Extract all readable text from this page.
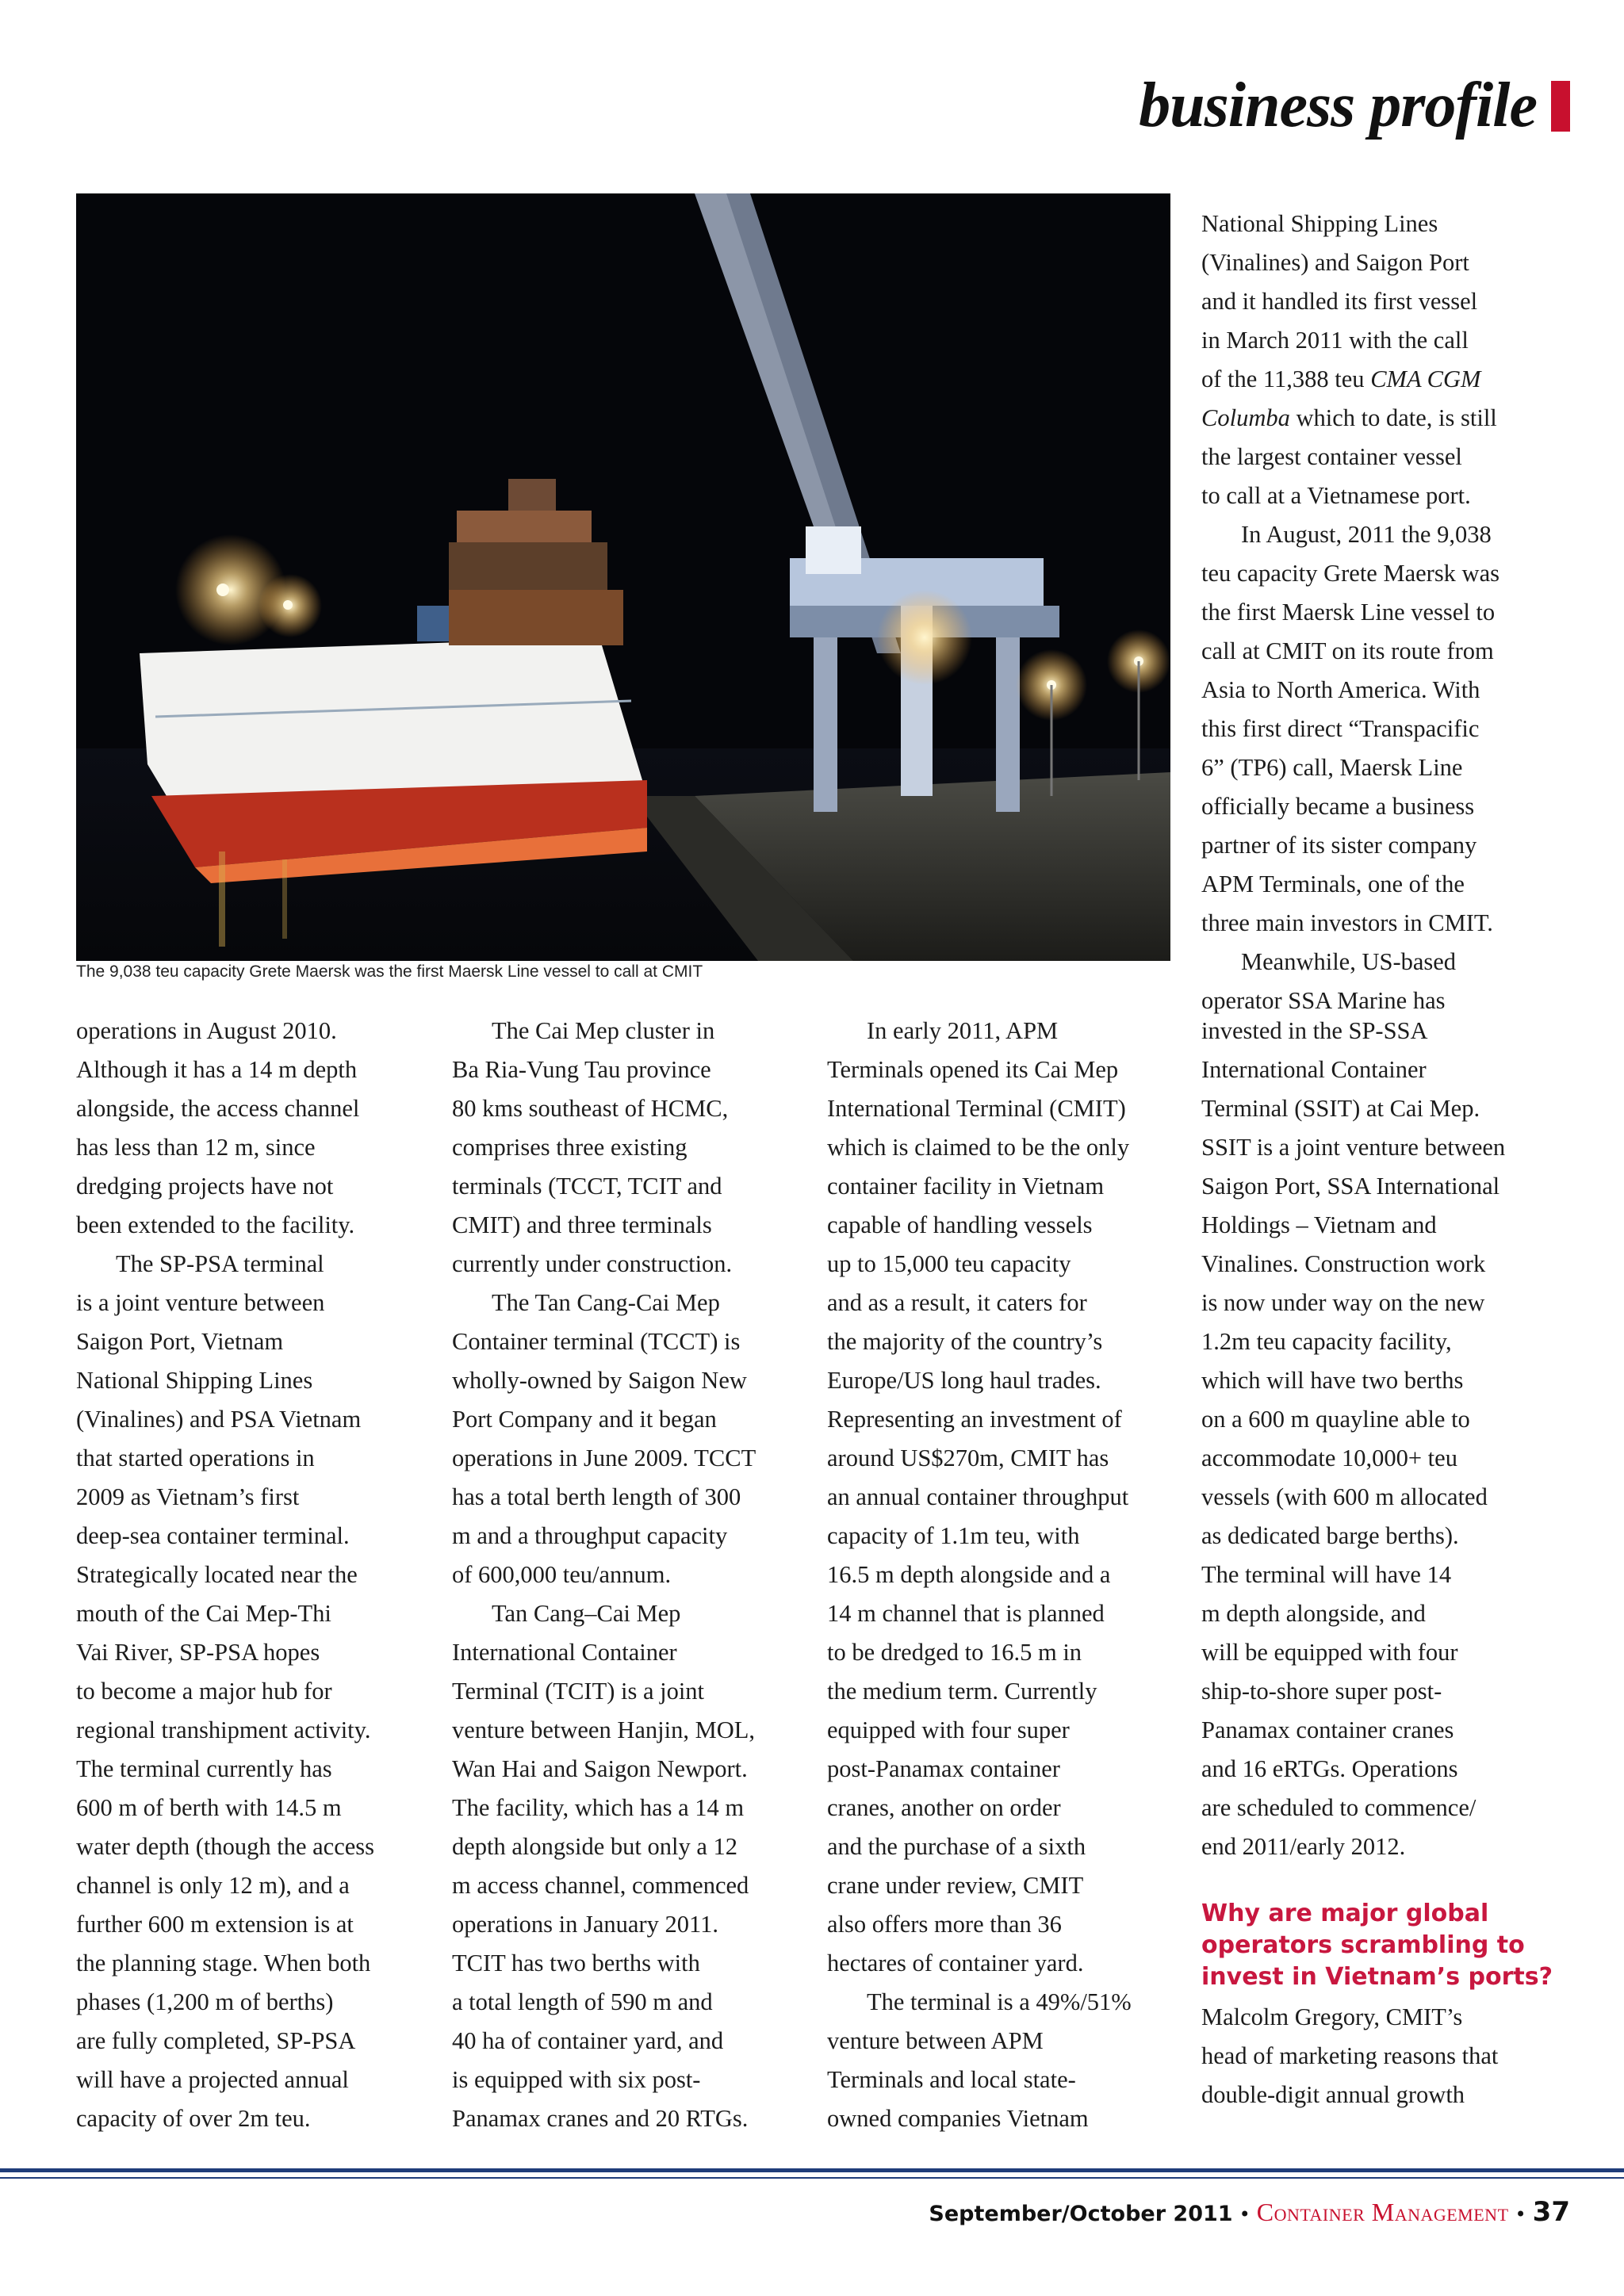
business profile
The 9,038 teu capacity Grete Maersk was the first Maersk Line vessel to call at CMIT

operations in August 2010.
Although it has a 14 m depth
alongside, the access channel
has less than 12 m, since
dredging projects have not
been extended to the facility.

The SP-PSA terminal
is a joint venture between
Saigon Port, Vietnam
National Shipping Lines
(Vinalines) and PSA Vietnam
that started operations in
2009 as Vietnam’s first
deep-sea container terminal.
Strategically located near the
mouth of the Cai Mep-Thi
Vai River, SP-PSA hopes
to become a major hub for
regional transhipment activity.
The terminal currently has
600 m of berth with 14.5 m
water depth (though the access
channel is only 12 m), and a
further 600 m extension is at
the planning stage. When both
phases (1,200 m of berths)
are fully completed, SP-PSA
will have a projected annual
capacity of over 2m teu.

The Cai Mep cluster in
Ba Ria-Vung Tau province
80 kms southeast of HCMC,
comprises three existing
terminals (TCCT, TCIT and
CMIT) and three terminals
currently under construction.

The Tan Cang-Cai Mep
Container terminal (TCCT) is
wholly-owned by Saigon New
Port Company and it began
operations in June 2009. TCCT
has a total berth length of 300
m and a throughput capacity
of 600,000 teu/annum.

Tan Cang–Cai Mep
International Container
Terminal (TCIT) is a joint
venture between Hanjin, MOL,
Wan Hai and Saigon Newport.
The facility, which has a 14 m
depth alongside but only a 12
m access channel, commenced
operations in January 2011.
TCIT has two berths with
a total length of 590 m and
40 ha of container yard, and
is equipped with six post-
Panamax cranes and 20 RTGs.

In early 2011, APM
Terminals opened its Cai Mep
International Terminal (CMIT)
which is claimed to be the only
container facility in Vietnam
capable of handling vessels
up to 15,000 teu capacity
and as a result, it caters for
the majority of the country’s
Europe/US long haul trades.
Representing an investment of
around US$270m, CMIT has
an annual container throughput
capacity of 1.1m teu, with
16.5 m depth alongside and a
14 m channel that is planned
to be dredged to 16.5 m in
the medium term. Currently
equipped with four super
post-Panamax container
cranes, another on order
and the purchase of a sixth
crane under review, CMIT
also offers more than 36
hectares of container yard.

The terminal is a 49%/51%
venture between APM
Terminals and local state-
owned companies Vietnam

National Shipping Lines
(Vinalines) and Saigon Port
and it handled its first vessel
in March 2011 with the call
of the 11,388 teu CMA CGM
Columba which to date, is still
the largest container vessel
to call at a Vietnamese port.

In August, 2011 the 9,038
teu capacity Grete Maersk was
the first Maersk Line vessel to
call at CMIT on its route from
Asia to North America. With
this first direct “Transpacific
6” (TP6) call, Maersk Line
officially became a business
partner of its sister company
APM Terminals, one of the
three main investors in CMIT.

Meanwhile, US-based
operator SSA Marine has

invested in the SP-SSA
International Container
Terminal (SSIT) at Cai Mep.
SSIT is a joint venture between
Saigon Port, SSA International
Holdings – Vietnam and
Vinalines. Construction work
is now under way on the new
1.2m teu capacity facility,
which will have two berths
on a 600 m quayline able to
accommodate 10,000+ teu
vessels (with 600 m allocated
as dedicated barge berths).
The terminal will have 14
m depth alongside, and
will be equipped with four
ship-to-shore super post-
Panamax container cranes
and 16 eRTGs. Operations
are scheduled to commence/
end 2011/early 2012.

Why are major global
operators scrambling to
invest in Vietnam’s ports?

Malcolm Gregory, CMIT’s
head of marketing reasons that
double-digit annual growth

September/October 2011 • Container Management • 37
